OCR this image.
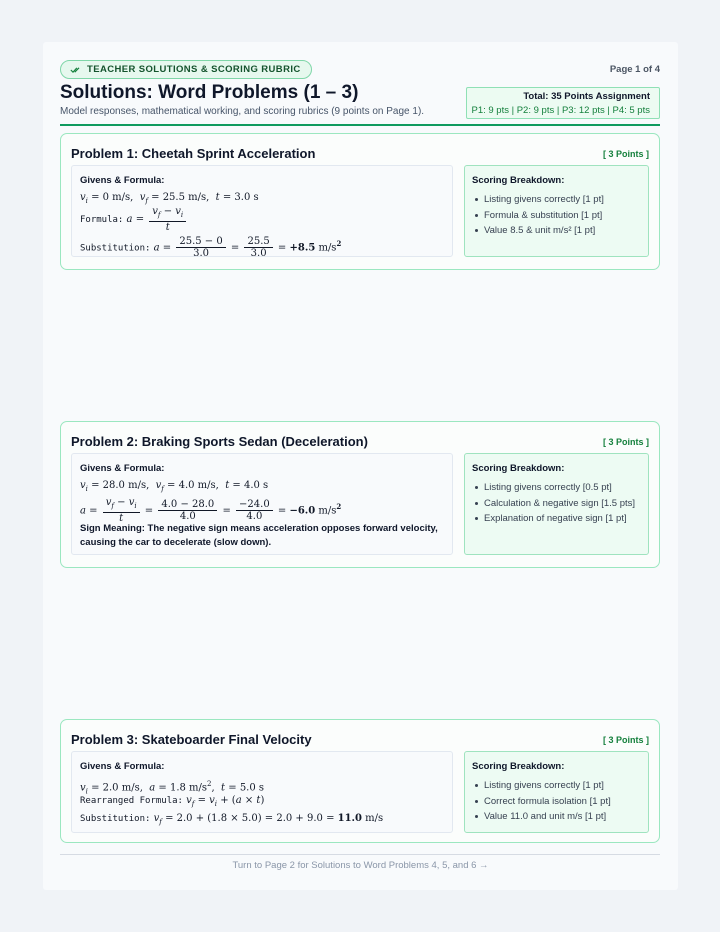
TEACHER SOLUTIONS & SCORING RUBRIC	Page 1 of 4
Solutions: Word Problems (1 – 3)
Model responses, mathematical working, and scoring rubrics (9 points on Page 1).
Total: 35 Points Assignment
P1: 9 pts | P2: 9 pts | P3: 12 pts | P4: 5 pts
Problem 1: Cheetah Sprint Acceleration	[ 3 Points ]
Givens & Formula:
$v_i = 0$ m/s,  $v_f = 25.5$ m/s,  t = 3.0 s
Formula: $a = \frac{v_f - v_i}{t}$
Substitution: $a = \frac{25.5 - 0}{3.0} = \frac{25.5}{3.0} = +8.5$ $m/s^2$
Scoring Breakdown:
Listing givens correctly [1 pt]
Formula & substitution [1 pt]
Value 8.5 & unit m/s² [1 pt]
Problem 2: Braking Sports Sedan (Deceleration)	[ 3 Points ]
Givens & Formula:
$v_i = 28.0$ m/s,  $v_f = 4.0$ m/s,  t = 4.0 s
$a = \frac{v_f - v_i}{t} = \frac{4.0 - 28.0}{4.0} = \frac{-24.0}{4.0} = -6.0$ $m/s^2$
Sign Meaning: The negative sign means acceleration opposes forward velocity, causing the car to decelerate (slow down).
Scoring Breakdown:
Listing givens correctly [0.5 pt]
Calculation & negative sign [1.5 pts]
Explanation of negative sign [1 pt]
Problem 3: Skateboarder Final Velocity	[ 3 Points ]
Givens & Formula:
$v_i = 2.0$ m/s,  a = 1.8 $m/s^2$,  t = 5.0 s
Rearranged Formula: $v_f = v_i + (a \times t)$
Substitution: $v_f = 2.0 + (1.8 \times 5.0) = 2.0 + 9.0 = 11.0$ m/s
Scoring Breakdown:
Listing givens correctly [1 pt]
Correct formula isolation [1 pt]
Value 11.0 and unit m/s [1 pt]
Turn to Page 2 for Solutions to Word Problems 4, 5, and 6 →
